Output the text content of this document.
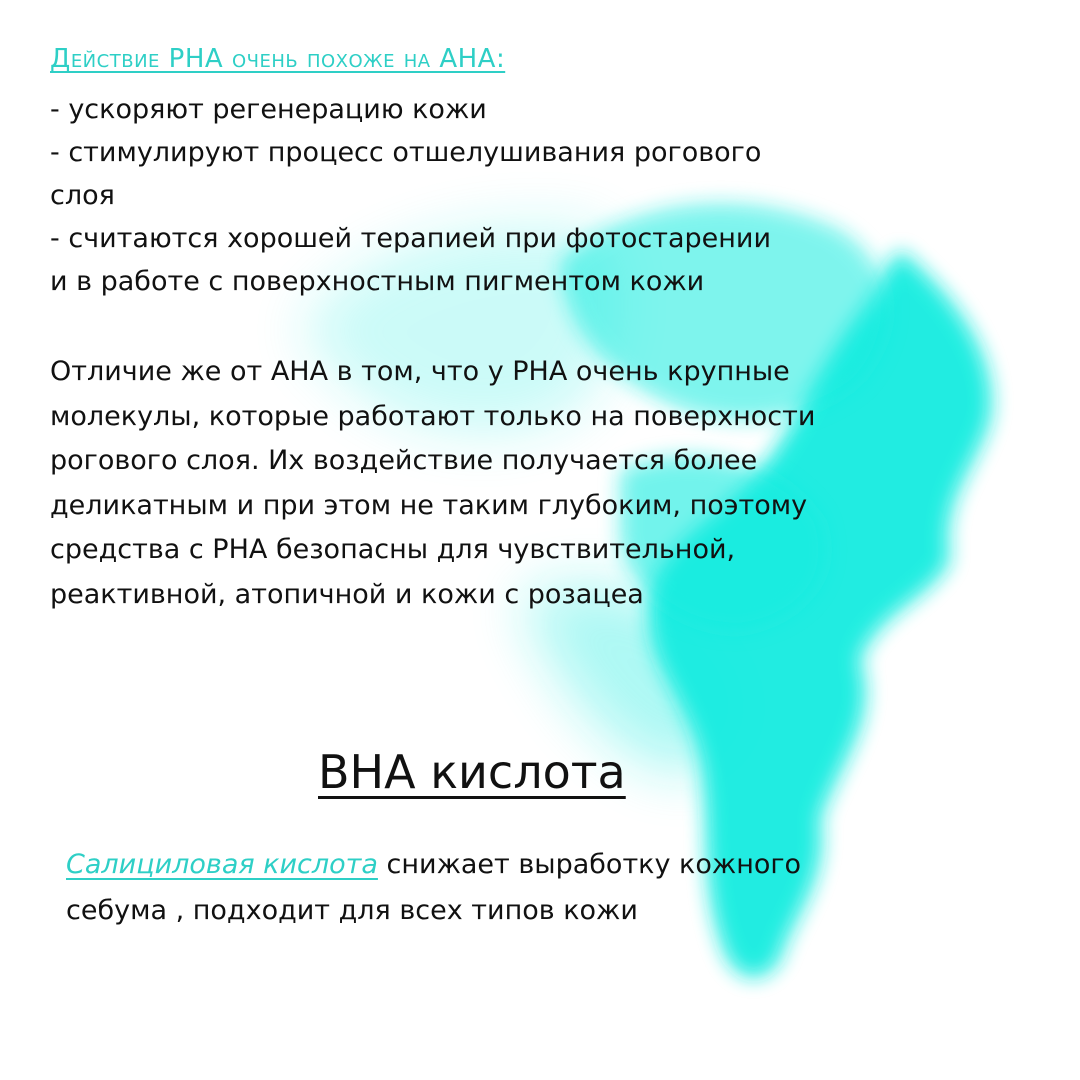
Действие РНА очень похоже на АНА:
- ускоряют регенерацию кожи
- стимулируют процесс отшелушивания рогового
слоя
- считаются хорошей терапией при фотостарении
и в работе с поверхностным пигментом кожи
Отличие же от АНА в том, что у PHA очень крупные
молекулы, которые работают только на поверхности
рогового слоя. Их воздействие получается более
деликатным и при этом не таким глубоким, поэтому
средства с PHA безопасны для чувствительной,
реактивной, атопичной и кожи с розацеа
BHA кислота
Салициловая кислота снижает выработку кожного
себума , подходит для всех типов кожи
